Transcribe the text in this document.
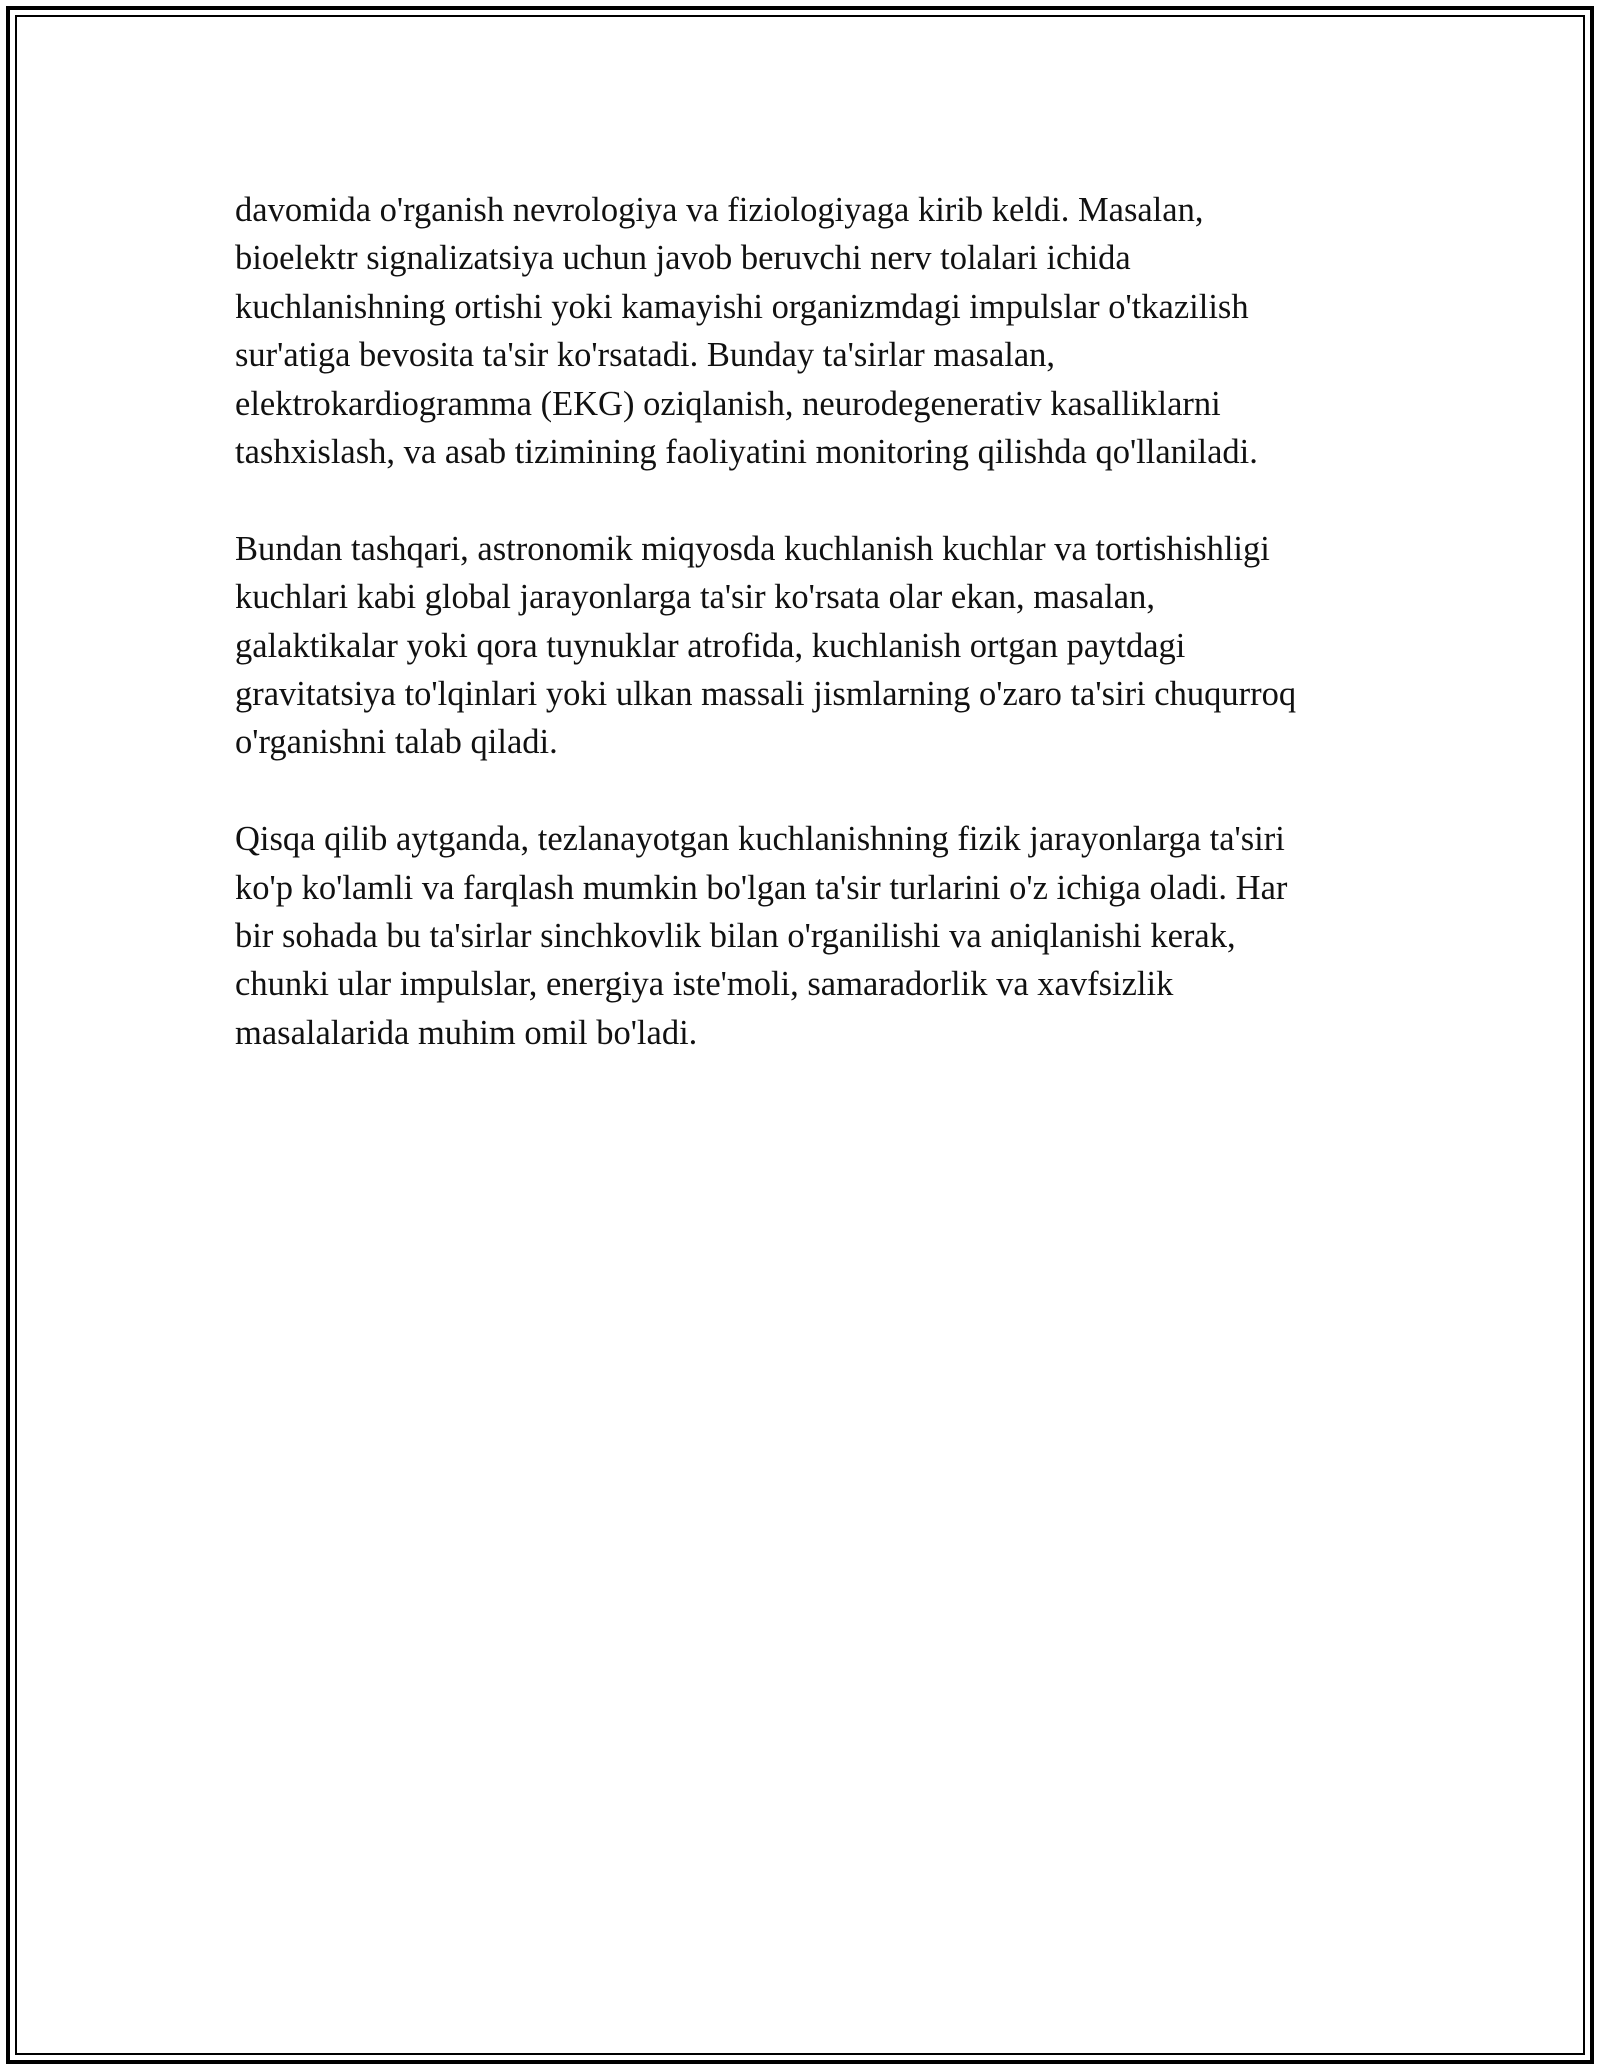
davomida o'rganish nevrologiya va fiziologiyaga kirib keldi. Masalan,
bioelektr signalizatsiya uchun javob beruvchi nerv tolalari ichida
kuchlanishning ortishi yoki kamayishi organizmdagi impulslar o'tkazilish
sur'atiga bevosita ta'sir ko'rsatadi. Bunday ta'sirlar masalan,
elektrokardiogramma (EKG) oziqlanish, neurodegenerativ kasalliklarni
tashxislash, va asab tizimining faoliyatini monitoring qilishda qo'llaniladi.

Bundan tashqari, astronomik miqyosda kuchlanish kuchlar va tortishishligi
kuchlari kabi global jarayonlarga ta'sir ko'rsata olar ekan, masalan,
galaktikalar yoki qora tuynuklar atrofida, kuchlanish ortgan paytdagi
gravitatsiya to'lqinlari yoki ulkan massali jismlarning o'zaro ta'siri chuqurroq
o'rganishni talab qiladi.

Qisqa qilib aytganda, tezlanayotgan kuchlanishning fizik jarayonlarga ta'siri
ko'p ko'lamli va farqlash mumkin bo'lgan ta'sir turlarini o'z ichiga oladi. Har
bir sohada bu ta'sirlar sinchkovlik bilan o'rganilishi va aniqlanishi kerak,
chunki ular impulslar, energiya iste'moli, samaradorlik va xavfsizlik
masalalarida muhim omil bo'ladi.
